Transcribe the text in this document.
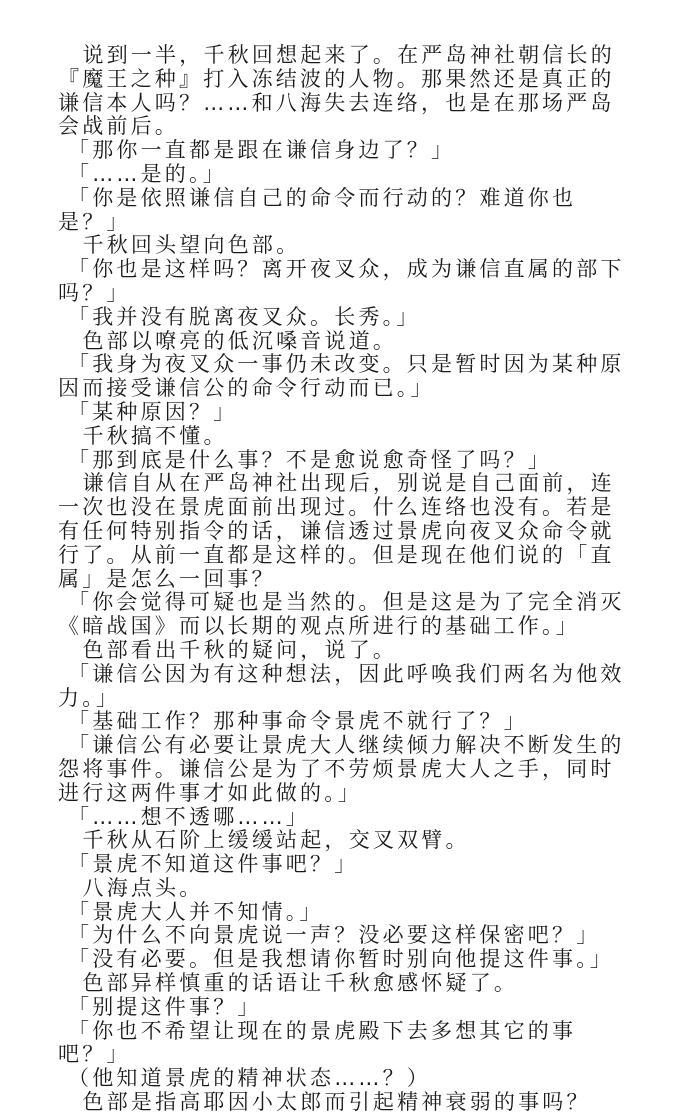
说到一半，千秋回想起来了。在严岛神社朝信长的『魔王之种』打入冻结波的人物。那果然还是真正的谦信本人吗？……和八海失去连络，也是在那场严岛会战前后。

「那你一直都是跟在谦信身边了？」

「……是的。」

「你是依照谦信自己的命令而行动的？难道你也是？」

千秋回头望向色部。

「你也是这样吗？离开夜叉众，成为谦信直属的部下吗？」

「我并没有脱离夜叉众。长秀。」

色部以嘹亮的低沉嗓音说道。

「我身为夜叉众一事仍未改变。只是暂时因为某种原因而接受谦信公的命令行动而已。」

「某种原因？」

千秋搞不懂。

「那到底是什么事？不是愈说愈奇怪了吗？」

谦信自从在严岛神社出现后，别说是自己面前，连一次也没在景虎面前出现过。什么连络也没有。若是有任何特别指令的话，谦信透过景虎向夜叉众命令就行了。从前一直都是这样的。但是现在他们说的「直属」是怎么一回事？

「你会觉得可疑也是当然的。但是这是为了完全消灭《暗战国》而以长期的观点所进行的基础工作。」

色部看出千秋的疑问，说了。

「谦信公因为有这种想法，因此呼唤我们两名为他效力。」

「基础工作？那种事命令景虎不就行了？」

「谦信公有必要让景虎大人继续倾力解决不断发生的怨将事件。谦信公是为了不劳烦景虎大人之手，同时进行这两件事才如此做的。」

「……想不透哪……」

千秋从石阶上缓缓站起，交叉双臂。

「景虎不知道这件事吧？」

八海点头。

「景虎大人并不知情。」

「为什么不向景虎说一声？没必要这样保密吧？」

「没有必要。但是我想请你暂时别向他提这件事。」

色部异样慎重的话语让千秋愈感怀疑了。

「别提这件事？」

「你也不希望让现在的景虎殿下去多想其它的事吧？」

（他知道景虎的精神状态……？）

色部是指高耶因小太郎而引起精神衰弱的事吗？
